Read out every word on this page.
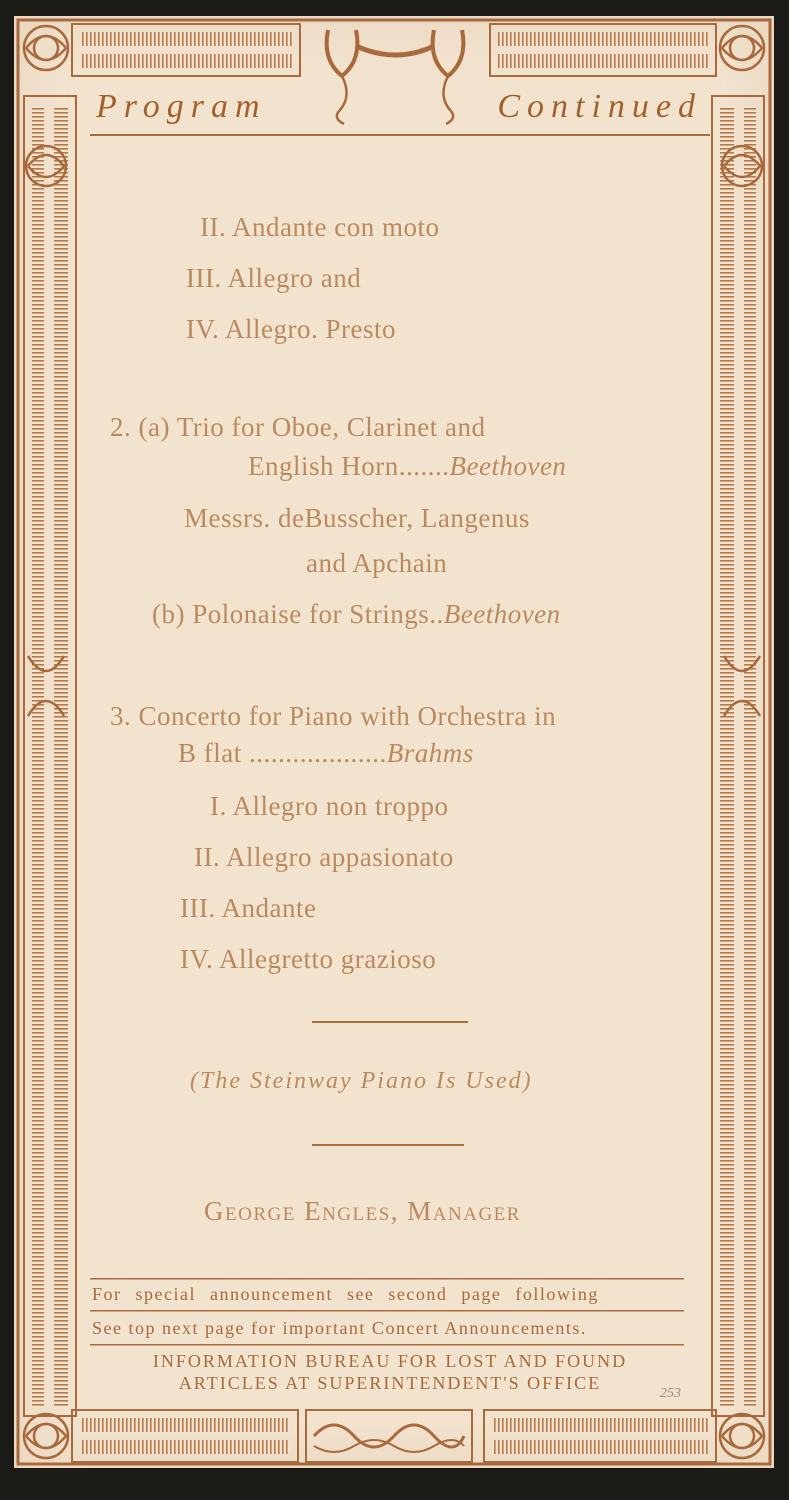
Program	Continued
II. Andante con moto
III. Allegro and
IV. Allegro. Presto
2. (a) Trio for Oboe, Clarinet and
English Horn.......Beethoven
Messrs. deBusscher, Langenus
and Apchain
(b) Polonaise for Strings..Beethoven
3. Concerto for Piano with Orchestra in
B flat ...................Brahms
I. Allegro non troppo
II. Allegro appasionato
III. Andante
IV. Allegretto grazioso
(The Steinway Piano Is Used)
George Engles, Manager
For special announcement see second page following
See top next page for important Concert Announcements.
INFORMATION BUREAU FOR LOST AND FOUND
ARTICLES AT SUPERINTENDENT'S OFFICE
253
